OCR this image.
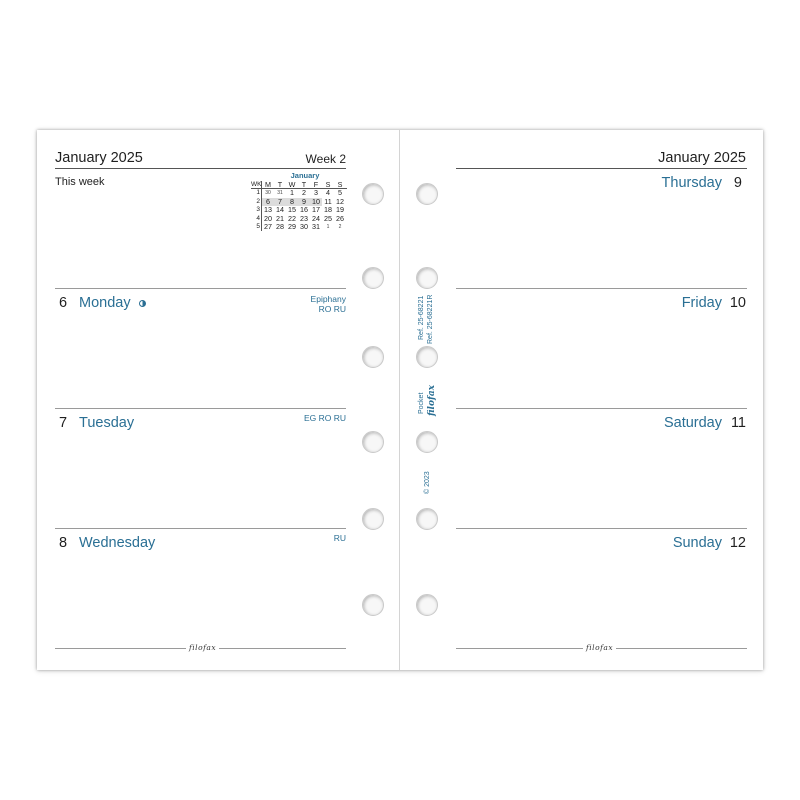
January 2025	Week 2
This week
January
WK M T W T	F	S	S
1	30	31	1	2	3	4	5
2 6	7	8	9 10 11 12
3 13 14 15 16 17 18 19
4 20 21 22 23 24 25 26
5 27 28 29 30 31	1	2
6 Monday	Epiphany
RO RU
7 Tuesday	EG RO RU
8 Wednesday	RU
filofax
Ref. 25-68221 Ref. 25-68221R
Pocket filofax
© 2023
January 2025
Thursday 9
Friday 10
Saturday 11
Sunday 12
filofax
